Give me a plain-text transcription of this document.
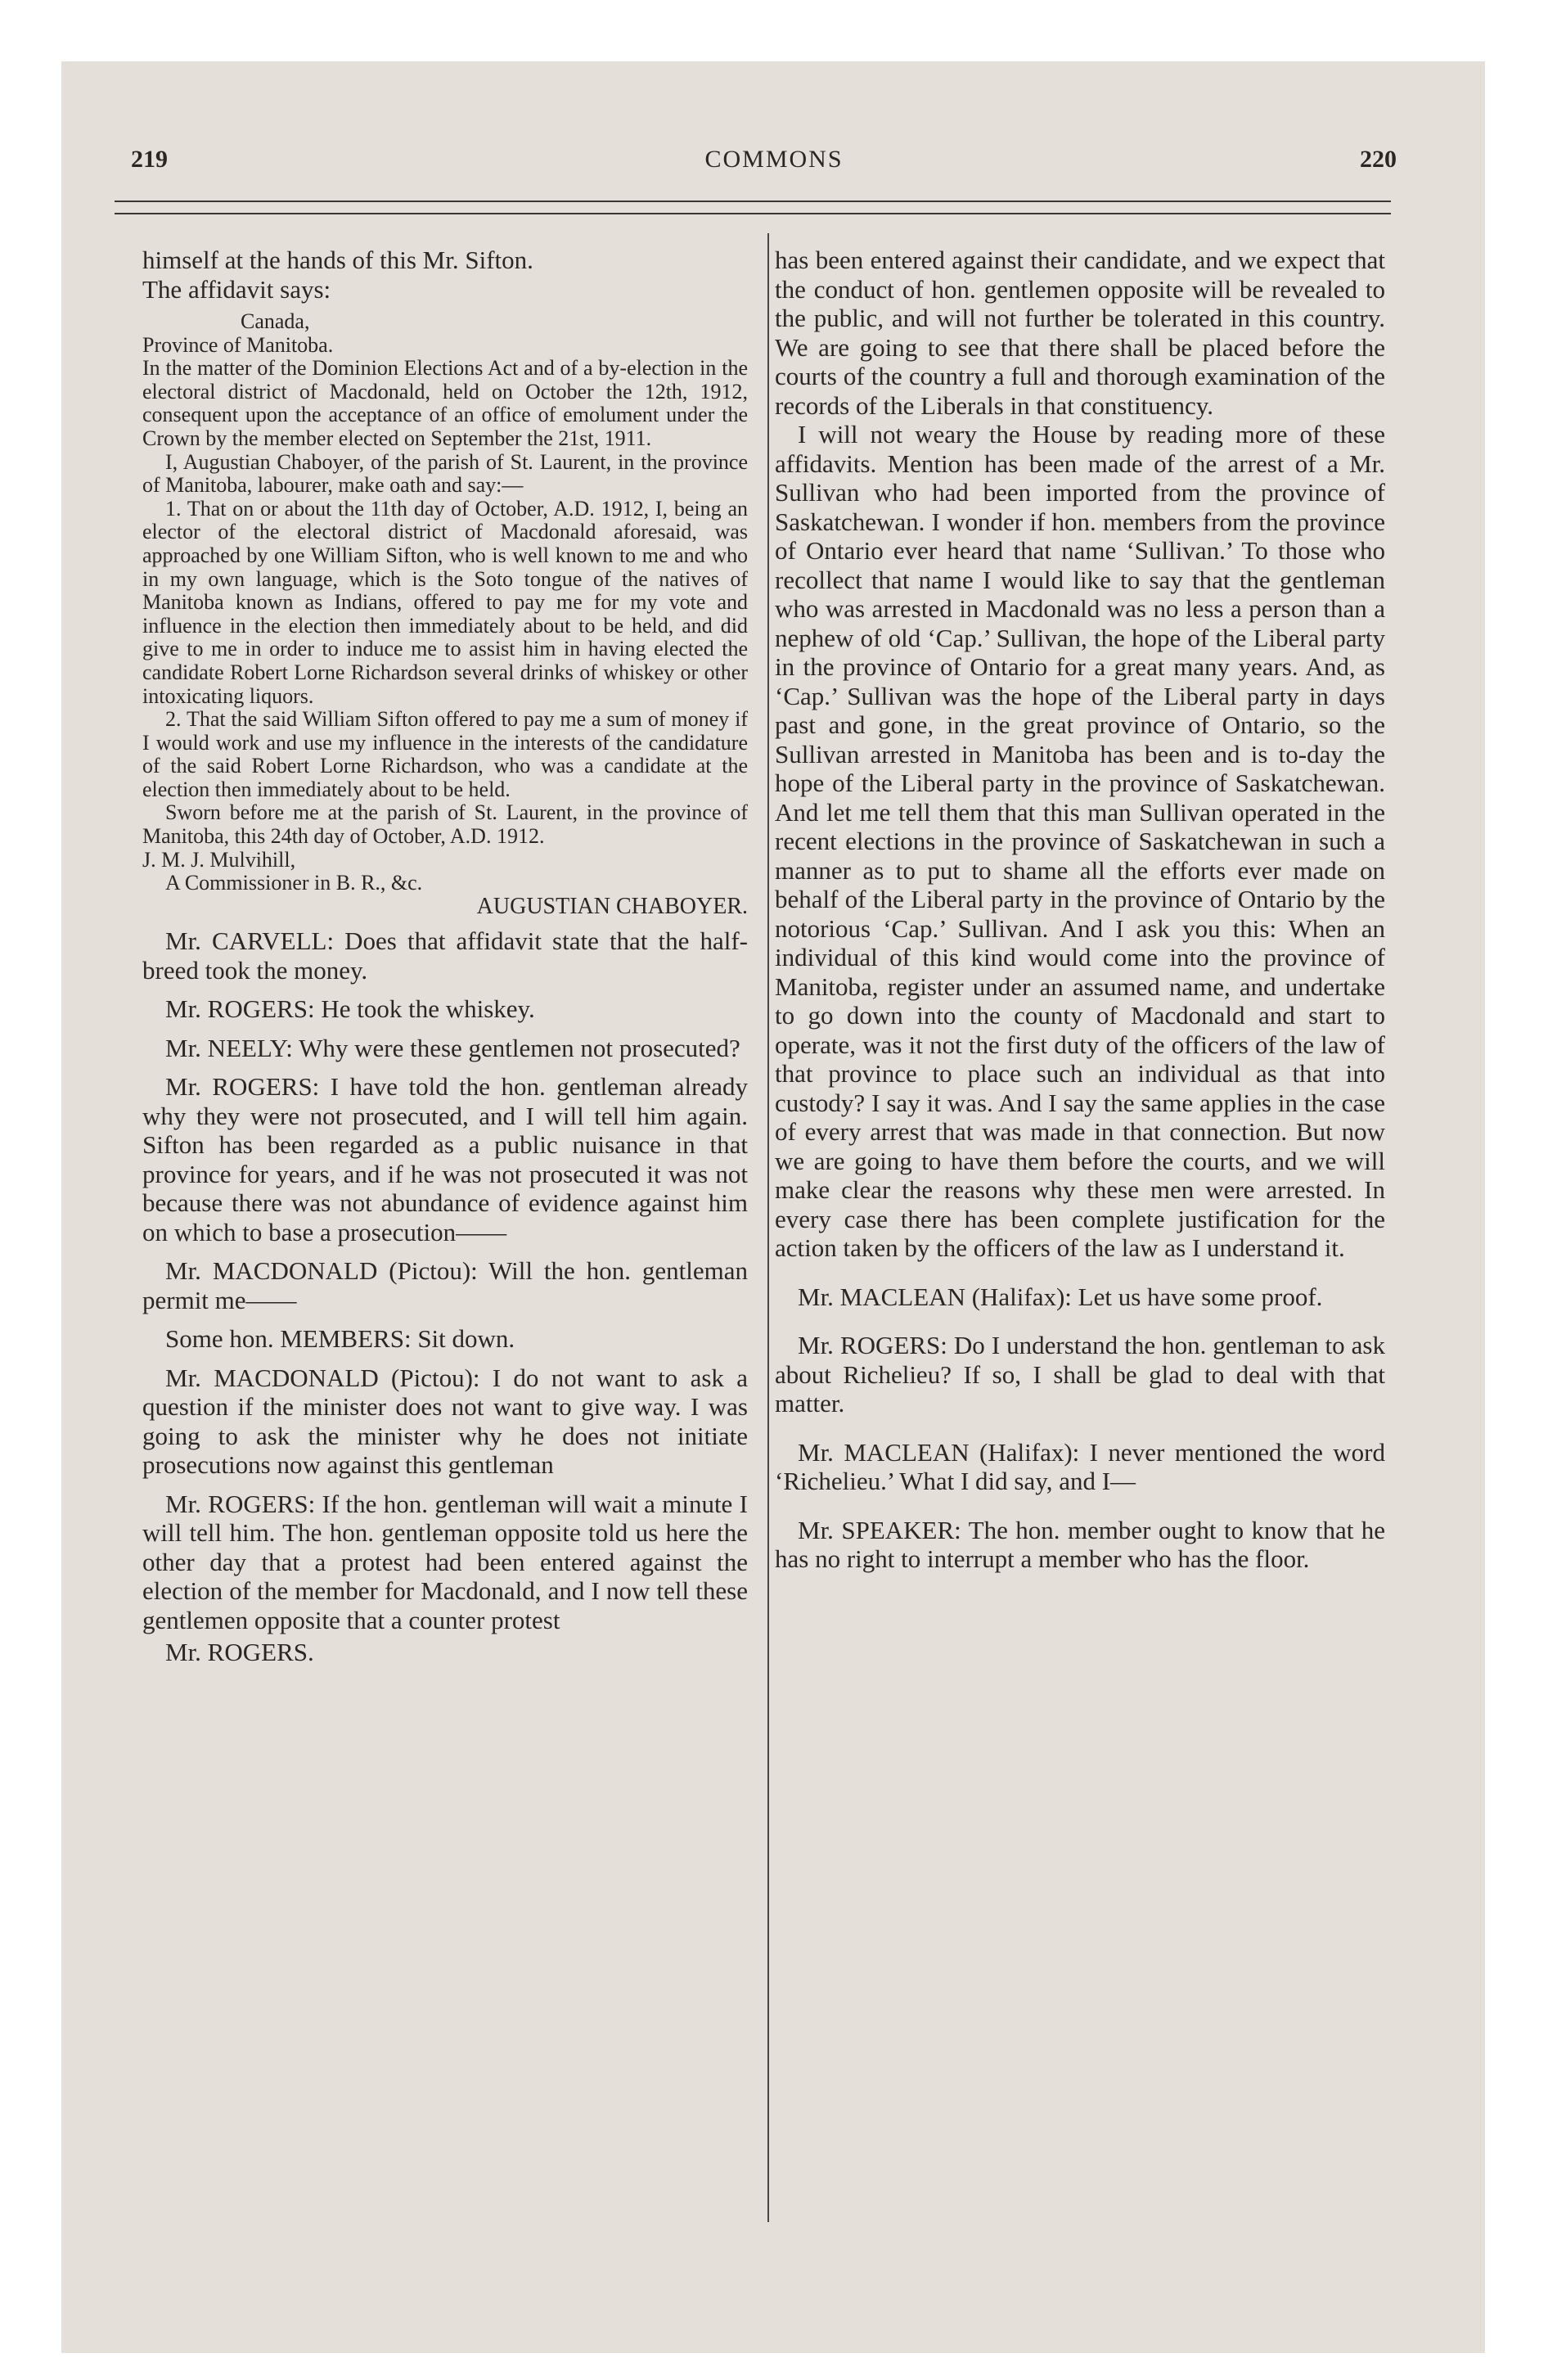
219	COMMONS	220

himself at the hands of this Mr. Sifton.

The affidavit says:

Canada,

Province of Manitoba.

In the matter of the Dominion Elections Act and of a by-election in the electoral district of Macdonald, held on October the 12th, 1912, consequent upon the acceptance of an office of emolument under the Crown by the member elected on September the 21st, 1911.

I, Augustian Chaboyer, of the parish of St. Laurent, in the province of Manitoba, labourer, make oath and say:—

1. That on or about the 11th day of October, A.D. 1912, I, being an elector of the electoral district of Macdonald aforesaid, was approached by one William Sifton, who is well known to me and who in my own language, which is the Soto tongue of the natives of Manitoba known as Indians, offered to pay me for my vote and influence in the election then immediately about to be held, and did give to me in order to induce me to assist him in having elected the candidate Robert Lorne Richardson several drinks of whiskey or other intoxicating liquors.

2. That the said William Sifton offered to pay me a sum of money if I would work and use my influence in the interests of the candidature of the said Robert Lorne Richardson, who was a candidate at the election then immediately about to be held.

Sworn before me at the parish of St. Laurent, in the province of Manitoba, this 24th day of October, A.D. 1912.

J. M. J. Mulvihill,

A Commissioner in B. R., &c.

AUGUSTIAN CHABOYER.

Mr. CARVELL: Does that affidavit state that the half-breed took the money.

Mr. ROGERS: He took the whiskey.

Mr. NEELY: Why were these gentlemen not prosecuted?

Mr. ROGERS: I have told the hon. gentleman already why they were not prosecuted, and I will tell him again. Sifton has been regarded as a public nuisance in that province for years, and if he was not prosecuted it was not because there was not abundance of evidence against him on which to base a prosecution——

Mr. MACDONALD (Pictou): Will the hon. gentleman permit me——

Some hon. MEMBERS: Sit down.

Mr. MACDONALD (Pictou): I do not want to ask a question if the minister does not want to give way. I was going to ask the minister why he does not initiate prosecutions now against this gentleman

Mr. ROGERS: If the hon. gentleman will wait a minute I will tell him. The hon. gentleman opposite told us here the other day that a protest had been entered against the election of the member for Macdonald, and I now tell these gentlemen opposite that a counter protest

Mr. ROGERS.

has been entered against their candidate, and we expect that the conduct of hon. gentlemen opposite will be revealed to the public, and will not further be tolerated in this country. We are going to see that there shall be placed before the courts of the country a full and thorough examination of the records of the Liberals in that constituency.

I will not weary the House by reading more of these affidavits. Mention has been made of the arrest of a Mr. Sullivan who had been imported from the province of Saskatchewan. I wonder if hon. members from the province of Ontario ever heard that name ‘Sullivan.’ To those who recollect that name I would like to say that the gentleman who was arrested in Macdonald was no less a person than a nephew of old ‘Cap.’ Sullivan, the hope of the Liberal party in the province of Ontario for a great many years. And, as ‘Cap.’ Sullivan was the hope of the Liberal party in days past and gone, in the great province of Ontario, so the Sullivan arrested in Manitoba has been and is to-day the hope of the Liberal party in the province of Saskatchewan. And let me tell them that this man Sullivan operated in the recent elections in the province of Saskatchewan in such a manner as to put to shame all the efforts ever made on behalf of the Liberal party in the province of Ontario by the notorious ‘Cap.’ Sullivan. And I ask you this: When an individual of this kind would come into the province of Manitoba, register under an assumed name, and undertake to go down into the county of Macdonald and start to operate, was it not the first duty of the officers of the law of that province to place such an individual as that into custody? I say it was. And I say the same applies in the case of every arrest that was made in that connection. But now we are going to have them before the courts, and we will make clear the reasons why these men were arrested. In every case there has been complete justification for the action taken by the officers of the law as I understand it.

Mr. MACLEAN (Halifax): Let us have some proof.

Mr. ROGERS: Do I understand the hon. gentleman to ask about Richelieu? If so, I shall be glad to deal with that matter.

Mr. MACLEAN (Halifax): I never mentioned the word ‘Richelieu.’ What I did say, and I—

Mr. SPEAKER: The hon. member ought to know that he has no right to interrupt a member who has the floor.
